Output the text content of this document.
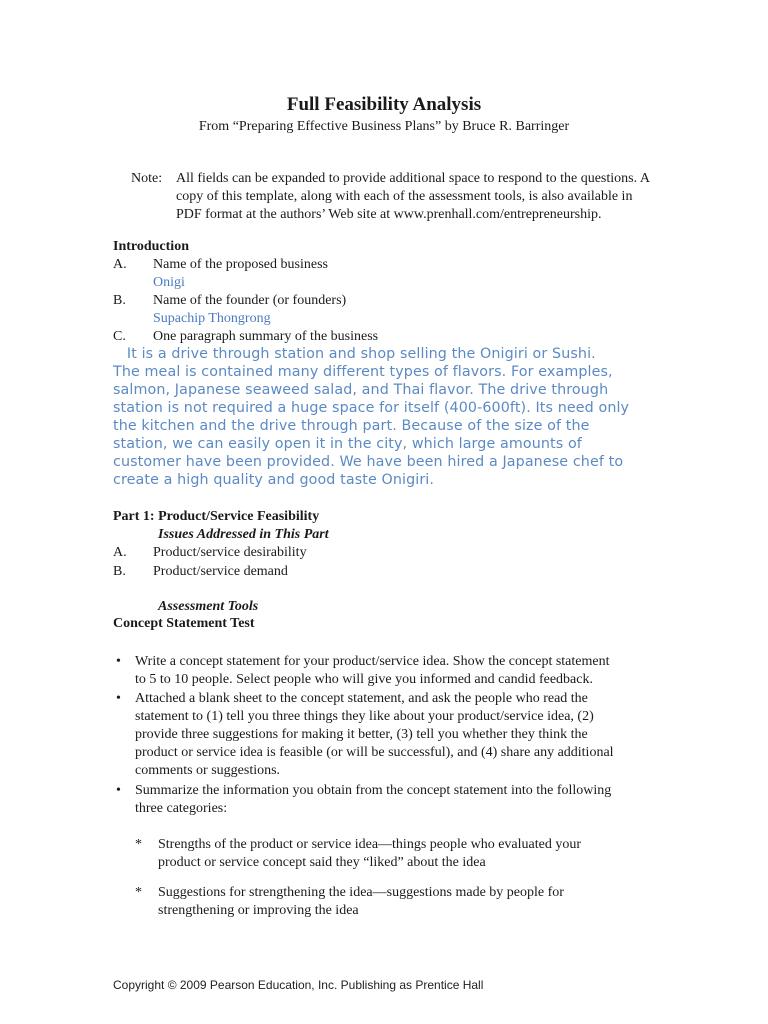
Full Feasibility Analysis
From “Preparing Effective Business Plans” by Bruce R. Barringer
Note: All fields can be expanded to provide additional space to respond to the questions. A
copy of this template, along with each of the assessment tools, is also available in
PDF format at the authors’ Web site at www.prenhall.com/entrepreneurship.
Introduction
A.	Name of the proposed business
Onigi
B.	Name of the founder (or founders)
Supachip Thongrong
C.	One paragraph summary of the business
It is a drive through station and shop selling the Onigiri or Sushi.
The meal is contained many different types of flavors. For examples,
salmon, Japanese seaweed salad, and Thai flavor. The drive through
station is not required a huge space for itself (400-600ft). Its need only
the kitchen and the drive through part. Because of the size of the
station, we can easily open it in the city, which large amounts of
customer have been provided. We have been hired a Japanese chef to
create a high quality and good taste Onigiri.
Part 1: Product/Service Feasibility
Issues Addressed in This Part
A.	Product/service desirability
B.	Product/service demand
Assessment Tools
Concept Statement Test
•	Write a concept statement for your product/service idea. Show the concept statement
to 5 to 10 people. Select people who will give you informed and candid feedback.
•	Attached a blank sheet to the concept statement, and ask the people who read the
statement to (1) tell you three things they like about your product/service idea, (2)
provide three suggestions for making it better, (3) tell you whether they think the
product or service idea is feasible (or will be successful), and (4) share any additional
comments or suggestions.
•	Summarize the information you obtain from the concept statement into the following
three categories:
* Strengths of the product or service idea—things people who evaluated your
product or service concept said they “liked” about the idea
* Suggestions for strengthening the idea—suggestions made by people for
strengthening or improving the idea
Copyright © 2009 Pearson Education, Inc. Publishing as Prentice Hall
